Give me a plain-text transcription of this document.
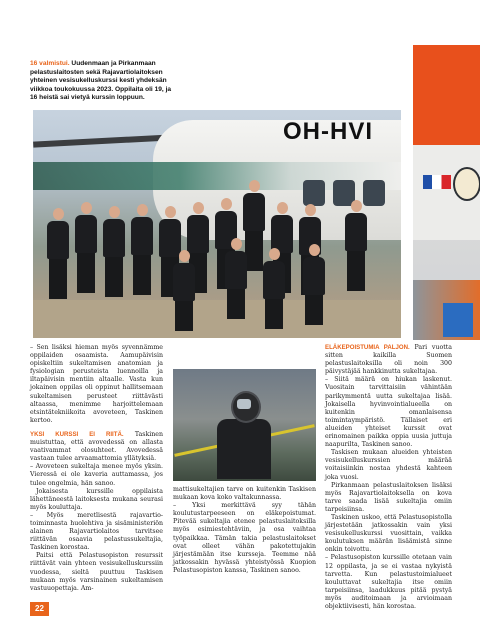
16 valmistui. Uudenmaan ja Pirkanmaan pelastuslaitosten sekä Rajavartiolaitoksen yhteinen vesisukelluskurssi kesti yhdeksän viikkoa toukokuussa 2023. Oppilaita oli 19, ja 16 heistä sai vietyä kurssin loppuun.
OH-HVI

– Sen lisäksi hieman myös syvennämme oppilaiden osaamista. Aamupäivisin opiskeltiin sukeltamisen anatomian ja fysiologian perusteista luennoilla ja iltapäivisin mentiin altaalle. Vasta kun jokainen oppilas oli oppinut hallitsemaan sukeltamisen perusteet riittävästi altaassa, menimme harjoittelemaan etsintätekniikoita avoveteen, Taskinen kertoo.

YKSI KURSSI EI RIITÄ. Taskinen muistuttaa, että avovedessä on allasta vaativammat olosuhteet. Avovedessä vastaan tulee arvaamattomia yllätyksiä.

– Avoveteen sukeltaja menee myös yksin. Vieressä ei ole kaveria auttamassa, jos tulee ongelmia, hän sanoo.

Jokaisesta kurssille oppilaista lähettäneestä laitoksesta mukana seurasi myös kouluttaja.

– Myös meretlisestä rajavartio toiminnasta huolehtiva ja sisäministeriön alainen Rajavartiolaitos tarvitsee riittävän osaavia pelastussukeltajia, Taskinen korostaa.

Paitsi että Pelastusopiston resurssit riittävät vain yhteen vesisukelluskurssiin vuodessa, sieltä puuttuu Taskisen mukaan myös varsinainen sukeltamisen vastuuopettaja. Am-

mattisukeltajien tarve on kuitenkin Taskisen mukaan kova koko valtakunnassa.

– Yksi merkittävä syy tähän koulutustarpeeseen on eläkepoistumat. Pitevää sukeltajia etenee pelastuslaitoksilla myös esimiestehtäviin, ja osa vaihtaa työpaikkaa. Tämän takia pelastuslaitokset ovat olleet vähän pakotettujakin järjestämään itse kursseja. Teemme nää jatkossakin hyvässä yhteistyössä Kuopion Pelastusopiston kanssa, Taskinen sanoo.

ELÄKEPOISTUMIA PALJON. Pari vuotta sitten kaikilla Suomen pelastuslaitoksilla oli noin 300 päivystäjää hankkinutta sukeltajaa.

– Siitä määrä on hiukan laskenut. Vuositain tarvittaisiin vähintään parikymmentä uutta sukeltajaa lisää. Jokaisella hyvinvointialueella on kuitenkin omanlaisensa toimintaympäristö. Tällaiset eri alueiden yhteiset kurssit ovat erinomainen paikka oppia uusia juttuja naapurilta, Taskinen sanoo.

Taskisen mukaan alueiden yhteisten vesisukelluskurssien määrää voitaisiinkin nostaa yhdestä kahteen joka vuosi.

Pirkanmaan pelastuslaitoksen lisäksi myös Rajavartiolaitoksella on kova tarve saada lisää sukeltajia omiin tarpeisiinsa.

Taskinen uskoo, että Pelastusopistolla järjestetään jatkossakin vain yksi vesisukelluskurssi vuosittain, vaikka koulutuksen määrän lisäämistä sinne onkin toivottu.

– Pelastusopiston kurssille otetaan vain 12 oppilasta, ja se ei vastaa nykyistä tarvetta. Kun pelastustoimialueet kouluttavat sukeltajia itse omiin tarpeisiinsa, laadukkuus pitää pystyä myös auditoimaan ja arvioimaan objektiivisesti, hän korostaa.

22
